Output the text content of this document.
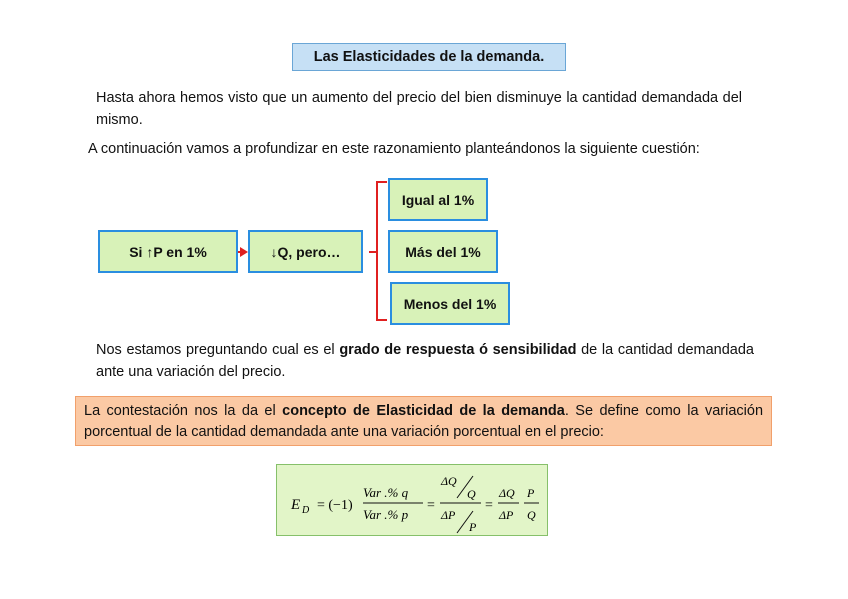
Las Elasticidades de la demanda.
Hasta ahora hemos visto que un aumento del precio del bien disminuye la cantidad demandada del mismo.
A continuación vamos a profundizar en este razonamiento planteándonos la siguiente cuestión:
Si ↑P en 1%	↓Q, pero…
Igual al 1%
Más del 1%
Menos del 1%
Nos estamos preguntando cual es el grado de respuesta ó sensibilidad de la cantidad demandada ante una variación del precio.
La contestación nos la da el concepto de Elasticidad de la demanda. Se define como la variación porcentual de la cantidad demandada ante una variación porcentual en el precio:
E D = (−1)
Var .% q
Var .% p
=
ΔQ
Q
ΔP
P
=
ΔQ
ΔP
P
Q
